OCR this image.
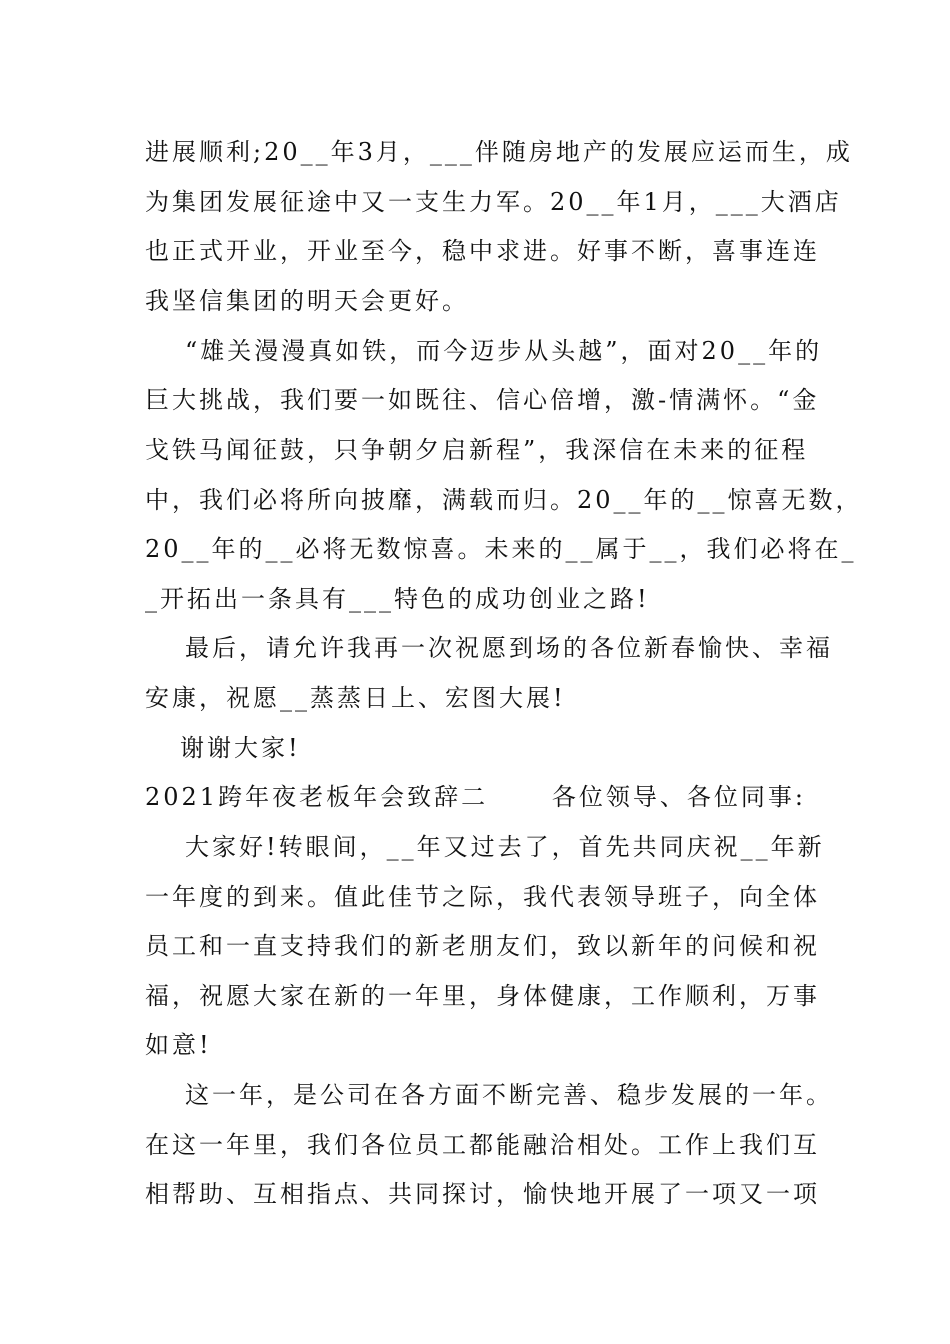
进展顺利;20__年3月，___伴随房地产的发展应运而生，成
为集团发展征途中又一支生力军。20__年1月，___大酒店
也正式开业，开业至今，稳中求进。好事不断，喜事连连
我坚信集团的明天会更好。
“雄关漫漫真如铁，而今迈步从头越”，面对20__年的
巨大挑战，我们要一如既往、信心倍增，激-情满怀。“金
戈铁马闻征鼓，只争朝夕启新程”，我深信在未来的征程
中，我们必将所向披靡，满载而归。20__年的__惊喜无数，
20__年的__必将无数惊喜。未来的__属于__，我们必将在_
_开拓出一条具有___特色的成功创业之路!
最后，请允许我再一次祝愿到场的各位新春愉快、幸福
安康，祝愿__蒸蒸日上、宏图大展!
谢谢大家!
2021跨年夜老板年会致辞二      各位领导、各位同事:
大家好!转眼间，__年又过去了，首先共同庆祝__年新
一年度的到来。值此佳节之际，我代表领导班子，向全体
员工和一直支持我们的新老朋友们，致以新年的问候和祝
福，祝愿大家在新的一年里，身体健康，工作顺利，万事
如意!
这一年，是公司在各方面不断完善、稳步发展的一年。
在这一年里，我们各位员工都能融洽相处。工作上我们互
相帮助、互相指点、共同探讨，愉快地开展了一项又一项
